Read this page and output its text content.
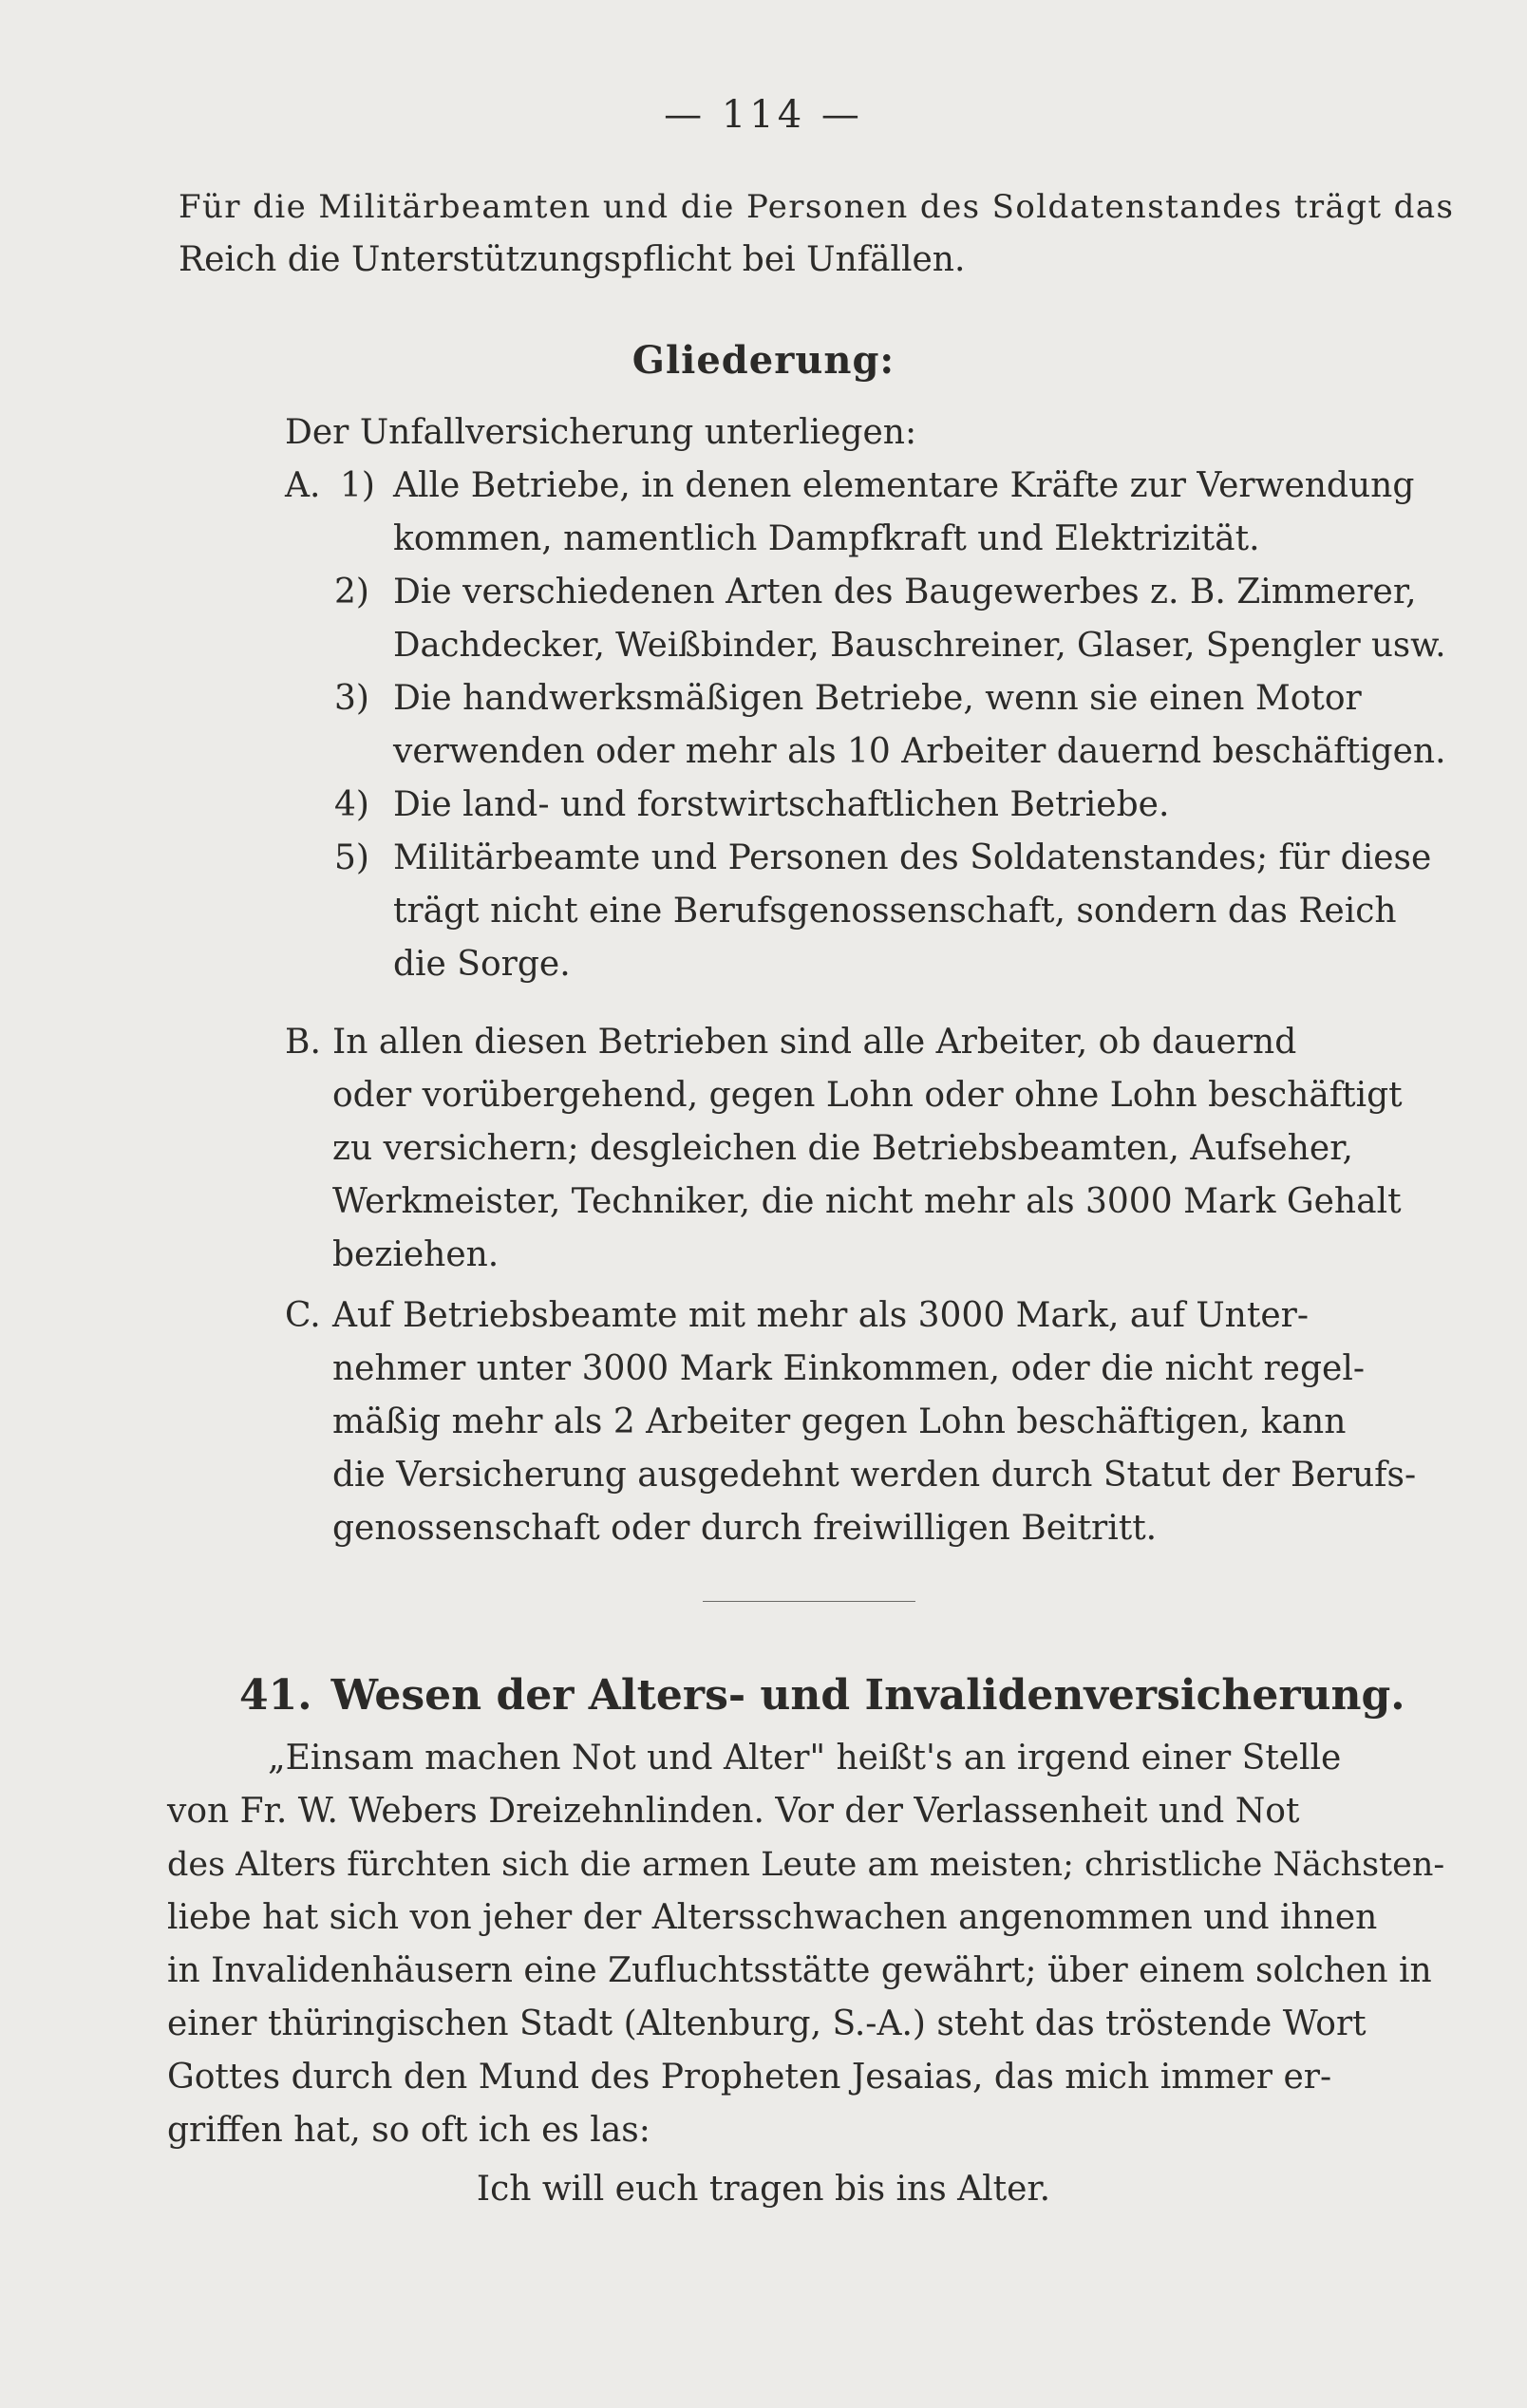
— 114 —
Für die Militärbeamten und die Personen des Soldatenstandes trägt das
Reich die Unterstützungspflicht bei Unfällen.
Gliederung:
Der Unfallversicherung unterliegen:
A. 1) Alle Betriebe, in denen elementare Kräfte zur Verwendung
kommen, namentlich Dampfkraft und Elektrizität.
2) Die verschiedenen Arten des Baugewerbes z. B. Zimmerer,
Dachdecker, Weißbinder, Bauschreiner, Glaser, Spengler usw.
3) Die handwerksmäßigen Betriebe, wenn sie einen Motor
verwenden oder mehr als 10 Arbeiter dauernd beschäftigen.
4) Die land- und forstwirtschaftlichen Betriebe.
5) Militärbeamte und Personen des Soldatenstandes; für diese
trägt nicht eine Berufsgenossenschaft, sondern das Reich
die Sorge.
B. In allen diesen Betrieben sind alle Arbeiter, ob dauernd
oder vorübergehend, gegen Lohn oder ohne Lohn beschäftigt
zu versichern; desgleichen die Betriebsbeamten, Aufseher,
Werkmeister, Techniker, die nicht mehr als 3000 Mark Gehalt
beziehen.
C. Auf Betriebsbeamte mit mehr als 3000 Mark, auf Unter-
nehmer unter 3000 Mark Einkommen, oder die nicht regel-
mäßig mehr als 2 Arbeiter gegen Lohn beschäftigen, kann
die Versicherung ausgedehnt werden durch Statut der Berufs-
genossenschaft oder durch freiwilligen Beitritt.
41. Wesen der Alters- und Invalidenversicherung.
„Einsam machen Not und Alter" heißt's an irgend einer Stelle
von Fr. W. Webers Dreizehnlinden. Vor der Verlassenheit und Not
des Alters fürchten sich die armen Leute am meisten; christliche Nächsten-
liebe hat sich von jeher der Altersschwachen angenommen und ihnen
in Invalidenhäusern eine Zufluchtsstätte gewährt; über einem solchen in
einer thüringischen Stadt (Altenburg, S.-A.) steht das tröstende Wort
Gottes durch den Mund des Propheten Jesaias, das mich immer er-
griffen hat, so oft ich es las:
Ich will euch tragen bis ins Alter.
